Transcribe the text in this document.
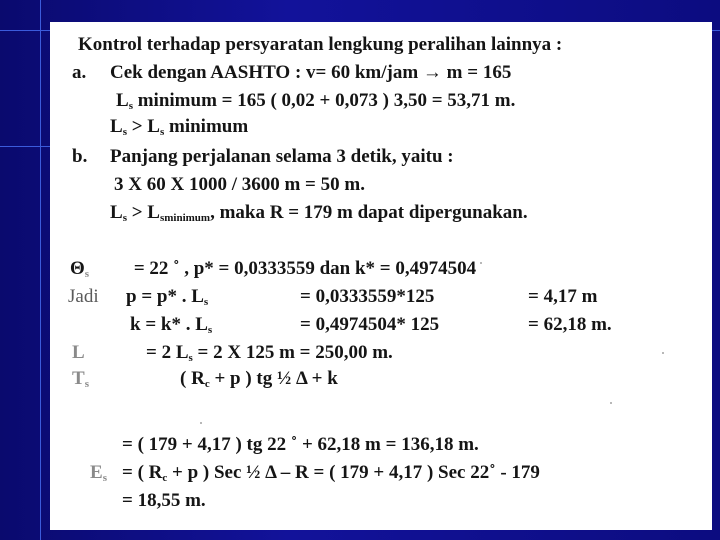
Kontrol terhadap persyaratan lengkung peralihan lainnya :
a. Cek dengan AASHTO : v= 60 km/jam → m = 165
$L_s$ minimum = 165 ( 0,02 + 0,073 ) 3,50 = 53,71 m.
$L_s > L_s$ minimum
b. Panjang perjalanan selama 3 detik, yaitu :
3 X 60 X 1000 / 3600 m = 50 m.
$L_s > L_{sminimum}$, maka R = 179 m dapat dipergunakan.
$\Theta_s = 22$ ˚ , p* = 0,0333559 dan k* = 0,4974504
Jadi p = p* . $L_s$	= 0,0333559*125	= 4,17 m
k = k* . $L_s$	= 0,4974504* 125	= 62,18 m.
L	= 2 $L_s = 2$ X 125 m = 250,00 m.
$T_s$	( $R_c + p$ ) tg ½ Δ + k
= ( 179 + 4,17 ) tg 22 ˚ + 62,18 m = 136,18 m.
$E_s$ = ( $R_c + p$ ) Sec ½ Δ – R = ( 179 + 4,17 ) Sec 22˚ - 179
= 18,55 m.
